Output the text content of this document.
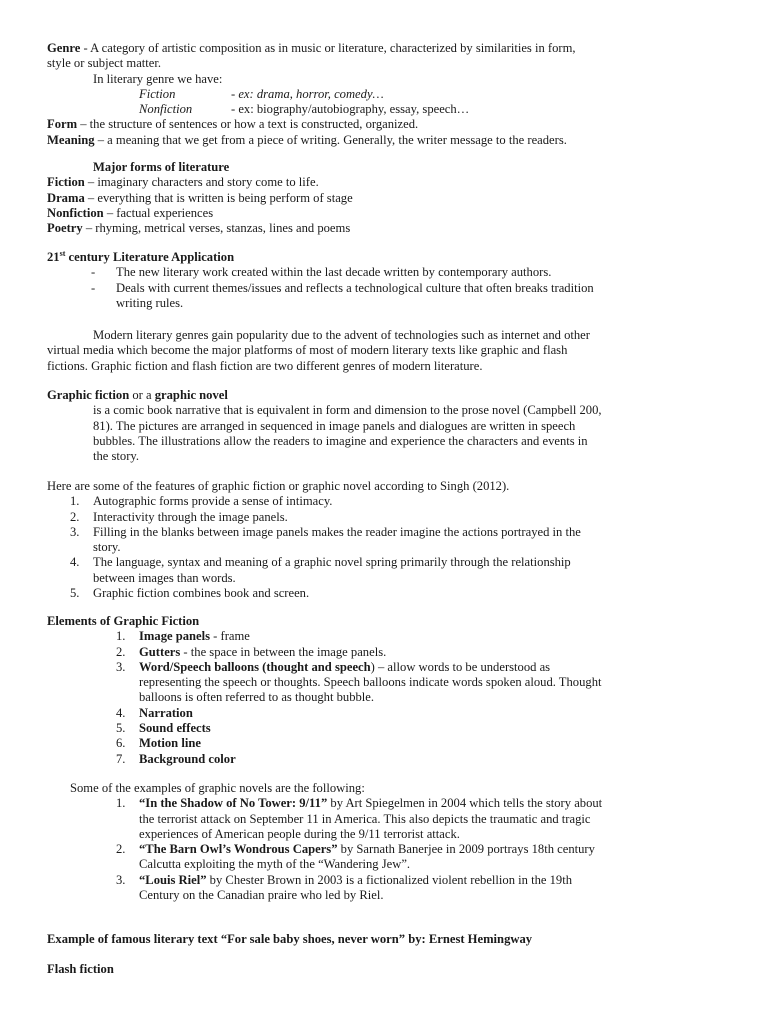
Genre - A category of artistic composition as in music or literature, characterized by similarities in form,
style or subject matter.
In literary genre we have:
Fiction	- ex: drama, horror, comedy…
Nonfiction	- ex: biography/autobiography, essay, speech…
Form – the structure of sentences or how a text is constructed, organized.
Meaning – a meaning that we get from a piece of writing. Generally, the writer message to the readers.
Major forms of literature
Fiction – imaginary characters and story come to life.
Drama – everything that is written is being perform of stage
Nonfiction – factual experiences
Poetry – rhyming, metrical verses, stanzas, lines and poems
21st century Literature Application
- The new literary work created within the last decade written by contemporary authors.
- Deals with current themes/issues and reflects a technological culture that often breaks tradition
writing rules.
Modern literary genres gain popularity due to the advent of technologies such as internet and other
virtual media which become the major platforms of most of modern literary texts like graphic and flash
fictions. Graphic fiction and flash fiction are two different genres of modern literature.
Graphic fiction or a graphic novel
is a comic book narrative that is equivalent in form and dimension to the prose novel (Campbell 200,
81). The pictures are arranged in sequenced in image panels and dialogues are written in speech
bubbles. The illustrations allow the readers to imagine and experience the characters and events in
the story.
Here are some of the features of graphic fiction or graphic novel according to Singh (2012).
1. Autographic forms provide a sense of intimacy.
2. Interactivity through the image panels.
3. Filling in the blanks between image panels makes the reader imagine the actions portrayed in the
story.
4. The language, syntax and meaning of a graphic novel spring primarily through the relationship
between images than words.
5. Graphic fiction combines book and screen.
Elements of Graphic Fiction
1. Image panels - frame
2. Gutters - the space in between the image panels.
3. Word/Speech balloons (thought and speech) – allow words to be understood as
representing the speech or thoughts. Speech balloons indicate words spoken aloud. Thought
balloons is often referred to as thought bubble.
4. Narration
5. Sound effects
6. Motion line
7. Background color
Some of the examples of graphic novels are the following:
1. “In the Shadow of No Tower: 9/11” by Art Spiegelmen in 2004 which tells the story about
the terrorist attack on September 11 in America. This also depicts the traumatic and tragic
experiences of American people during the 9/11 terrorist attack.
2. “The Barn Owl’s Wondrous Capers” by Sarnath Banerjee in 2009 portrays 18th century
Calcutta exploiting the myth of the “Wandering Jew”.
3. “Louis Riel” by Chester Brown in 2003 is a fictionalized violent rebellion in the 19th
Century on the Canadian praire who led by Riel.
Example of famous literary text “For sale baby shoes, never worn” by: Ernest Hemingway
Flash fiction
